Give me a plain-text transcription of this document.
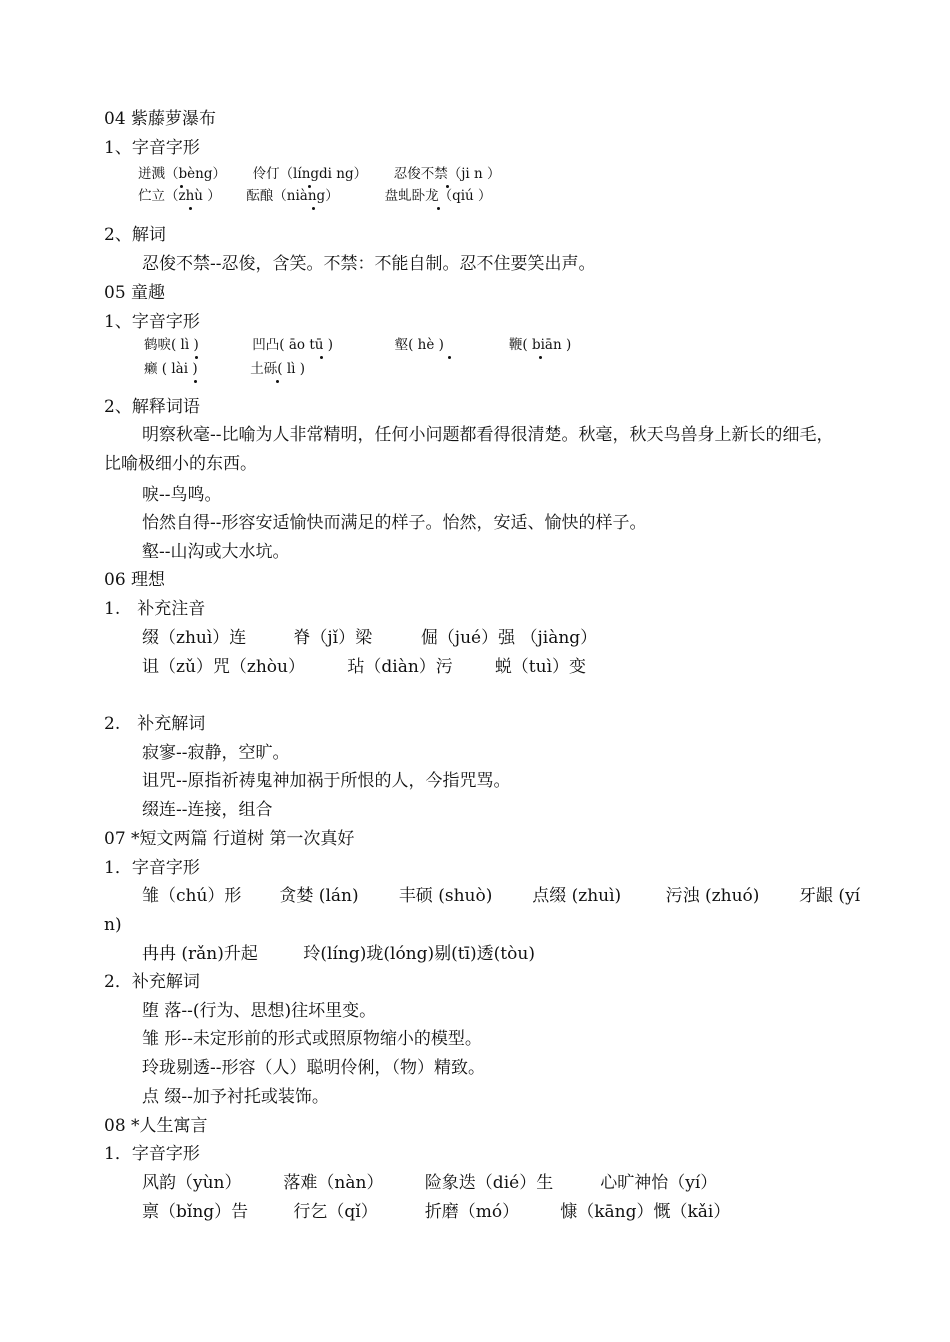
04 紫藤萝瀑布
1、字音字形
迸溅（bèng） 伶仃（língdi ng） 忍俊不禁（ji n ）
伫立（zhù ） 酝酿（niàng）	盘虬卧龙（qiú ）
2、解词
忍俊不禁--忍俊，含笑。不禁：不能自制。忍不住要笑出声。
05 童趣
1、字音字形
鹤唳( lì )	凹凸( āo tū )	壑( hè )	鞭( biān )
癞 ( lài )	土砾( lì )
2、解释词语
明察秋毫--比喻为人非常精明，任何小问题都看得很清楚。秋毫，秋天鸟兽身上新长的细毛，比喻极细小的东西。
唳--鸟鸣。
怡然自得--形容安适愉快而满足的样子。怡然，安适、愉快的样子。
壑--山沟或大水坑。
06 理想
1.　补充注音
缀（zhuì）连	脊（jǐ）梁	倔（jué）强 （jiàng）
诅（zǔ）咒（zhòu） 玷（diàn）污 蜕（tuì）变
2.　补充解词
寂寥--寂静，空旷。
诅咒--原指祈祷鬼神加祸于所恨的人，今指咒骂。
缀连--连接，组合
07 *短文两篇 行道树 第一次真好
1．字音字形
雏（chú）形 贪婪 (lán) 丰硕 (shuò) 点缀 (zhuì)	污浊 (zhuó) 牙龈 (yí
n)
冉冉 (rǎn)升起	玲(líng)珑(lóng)剔(tī)透(tòu)
2．补充解词
堕 落--(行为、思想)往坏里变。
雏 形--未定形前的形式或照原物缩小的模型。
玲珑剔透--形容（人）聪明伶俐，（物）精致。
点 缀--加予衬托或装饰。
08 *人生寓言
1．字音字形
风韵（yùn） 落难（nàn） 险象迭（dié）生	心旷神怡（yí）
禀（bǐng）告	行乞（qǐ）	折磨（mó） 慷（kāng）慨（kǎi）
